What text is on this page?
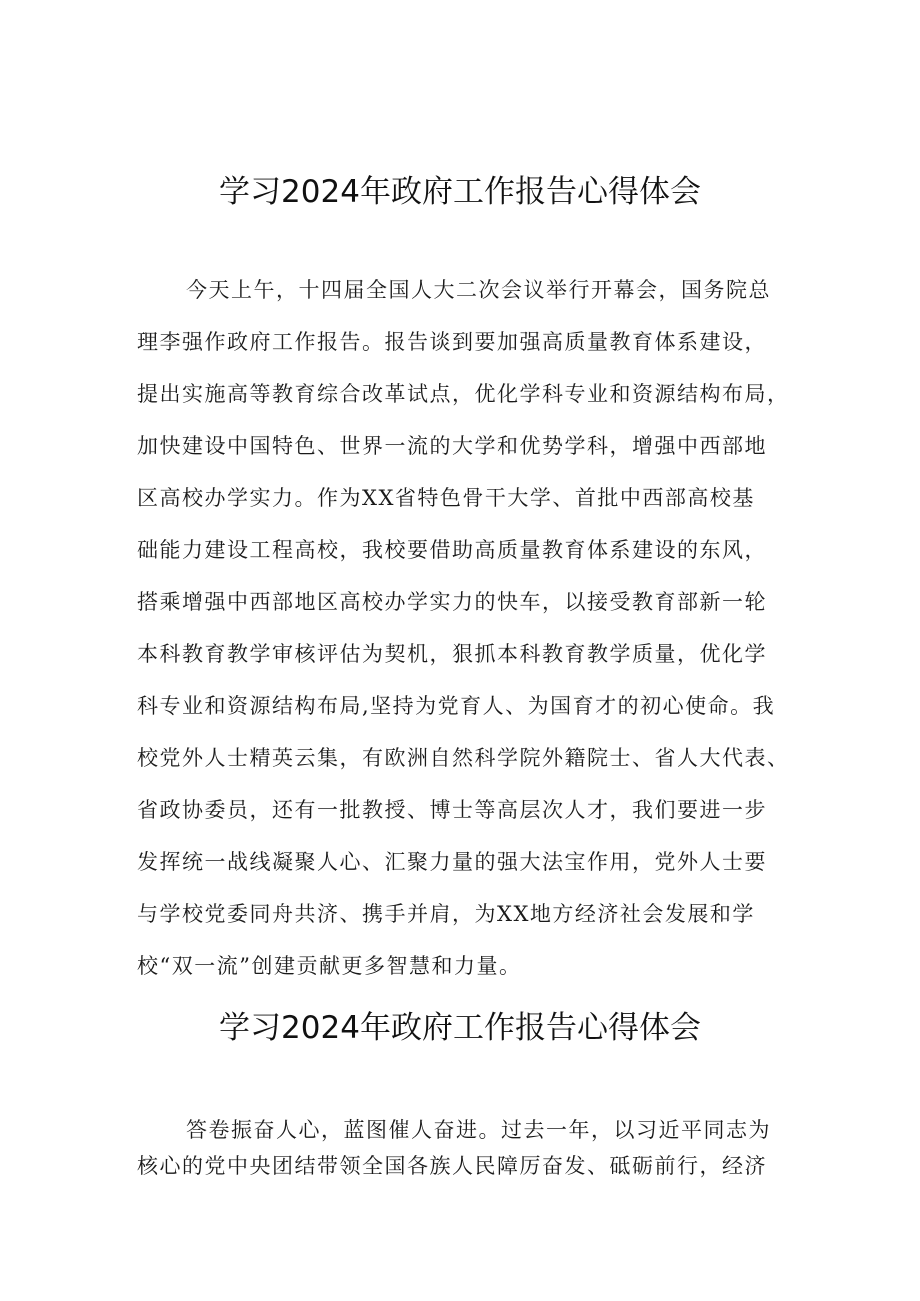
学习2024年政府工作报告心得体会
今天上午，十四届全国人大二次会议举行开幕会，国务院总
理李强作政府工作报告。报告谈到要加强高质量教育体系建设，
提出实施高等教育综合改革试点，优化学科专业和资源结构布局，
加快建设中国特色、世界一流的大学和优势学科，增强中西部地
区高校办学实力。作为XX省特色骨干大学、首批中西部高校基
础能力建设工程高校，我校要借助高质量教育体系建设的东风，
搭乘增强中西部地区高校办学实力的快车，以接受教育部新一轮
本科教育教学审核评估为契机，狠抓本科教育教学质量，优化学
科专业和资源结构布局,坚持为党育人、为国育才的初心使命。我
校党外人士精英云集，有欧洲自然科学院外籍院士、省人大代表、
省政协委员，还有一批教授、博士等高层次人才，我们要进一步
发挥统一战线凝聚人心、汇聚力量的强大法宝作用，党外人士要
与学校党委同舟共济、携手并肩，为XX地方经济社会发展和学
校“双一流”创建贡献更多智慧和力量。
学习2024年政府工作报告心得体会
答卷振奋人心，蓝图催人奋进。过去一年，以习近平同志为
核心的党中央团结带领全国各族人民障厉奋发、砥砺前行，经济
